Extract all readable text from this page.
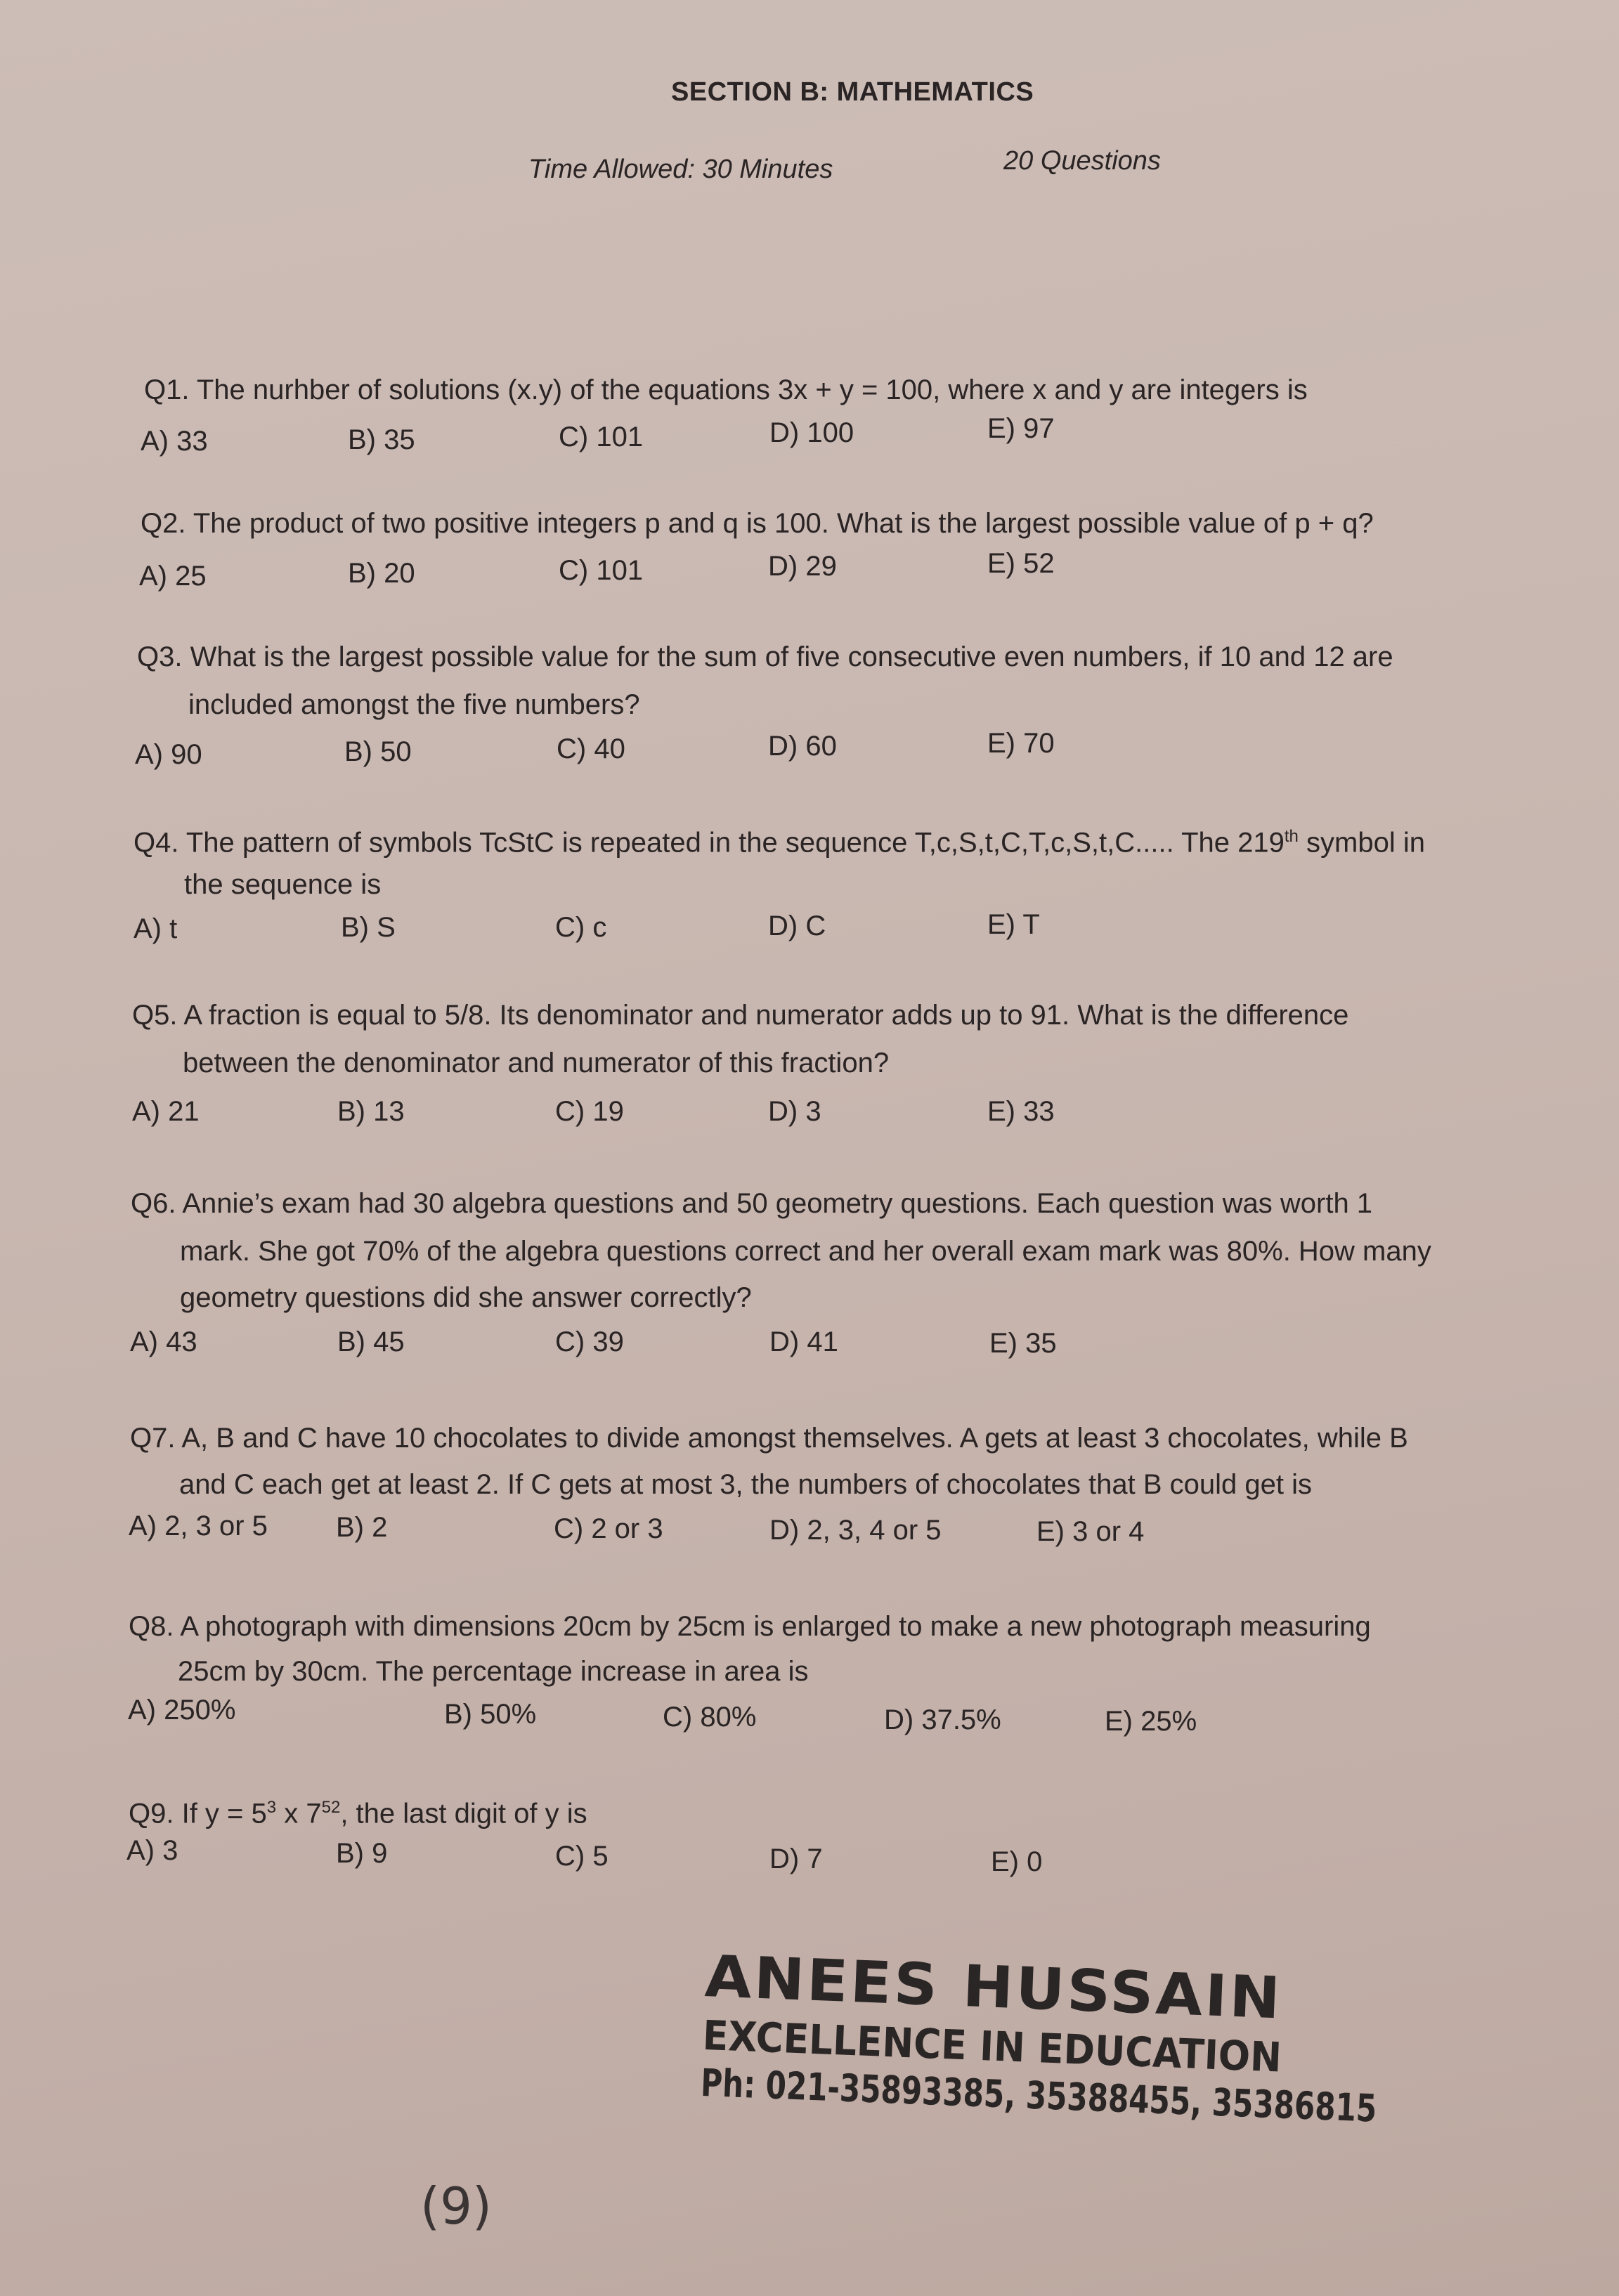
SECTION B: MATHEMATICS
Time Allowed: 30 Minutes	20 Questions
Q1. The nurhber of solutions (x.y) of the equations 3x + y = 100, where x and y are integers is
A) 33	B) 35	C) 101	D) 100	E) 97
Q2. The product of two positive integers p and q is 100. What is the largest possible value of p + q?
A) 25	B) 20	C) 101	D) 29	E) 52
Q3. What is the largest possible value for the sum of five consecutive even numbers, if 10 and 12 are
included amongst the five numbers?
A) 90	B) 50	C) 40	D) 60	E) 70
Q4. The pattern of symbols TcStC is repeated in the sequence T,c,S,t,C,T,c,S,t,C..... The 219th symbol in
the sequence is
A) t	B) S	C) c	D) C	E) T
Q5. A fraction is equal to 5/8. Its denominator and numerator adds up to 91. What is the difference
between the denominator and numerator of this fraction?
A) 21	B) 13	C) 19	D) 3	E) 33
Q6. Annie’s exam had 30 algebra questions and 50 geometry questions. Each question was worth 1
mark. She got 70% of the algebra questions correct and her overall exam mark was 80%. How many
geometry questions did she answer correctly?
A) 43	B) 45	C) 39	D) 41	E) 35
Q7. A, B and C have 10 chocolates to divide amongst themselves. A gets at least 3 chocolates, while B
and C each get at least 2. If C gets at most 3, the numbers of chocolates that B could get is
A) 2, 3 or 5 B) 2	C) 2 or 3	D) 2, 3, 4 or 5	E) 3 or 4
Q8. A photograph with dimensions 20cm by 25cm is enlarged to make a new photograph measuring
25cm by 30cm. The percentage increase in area is
A) 250%	B) 50%	C) 80%	D) 37.5%	E) 25%
Q9. If $y = 5^3$ x $7^{52}$, the last digit of y is
A) 3	B) 9	C) 5	D) 7	E) 0
ANEES HUSSAIN
EXCELLENCE IN EDUCATION
Ph: 021-35893385, 35388455, 35386815
(9)
